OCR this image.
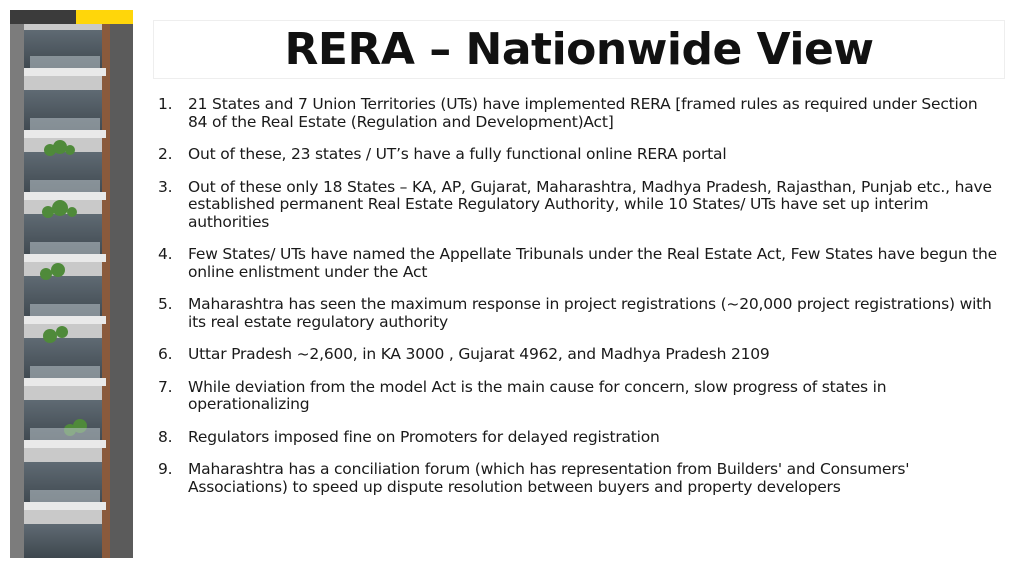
RERA – Nationwide View
1.	21 States and 7 Union Territories (UTs) have implemented RERA [framed rules as required under Section 84 of the Real Estate (Regulation and Development)Act]
2.	Out of these, 23 states / UT’s have a fully functional online RERA portal
3.	Out of these only 18 States – KA, AP, Gujarat, Maharashtra, Madhya Pradesh, Rajasthan, Punjab etc., have established permanent Real Estate Regulatory Authority, while 10 States/ UTs have set up interim authorities
4.	Few States/ UTs have named the Appellate Tribunals under the Real Estate Act, Few States have begun the online enlistment under the Act
5.	Maharashtra has seen the maximum response in project registrations (~20,000 project registrations) with its real estate regulatory authority
6.	Uttar Pradesh ~2,600, in KA 3000 , Gujarat 4962, and Madhya Pradesh 2109
7.	While deviation from the model Act is the main cause for concern, slow progress of states in operationalizing
8.	Regulators imposed fine on Promoters for delayed registration
9.	Maharashtra has a conciliation forum (which has representation from Builders' and Consumers' Associations) to speed up dispute resolution between buyers and property developers
